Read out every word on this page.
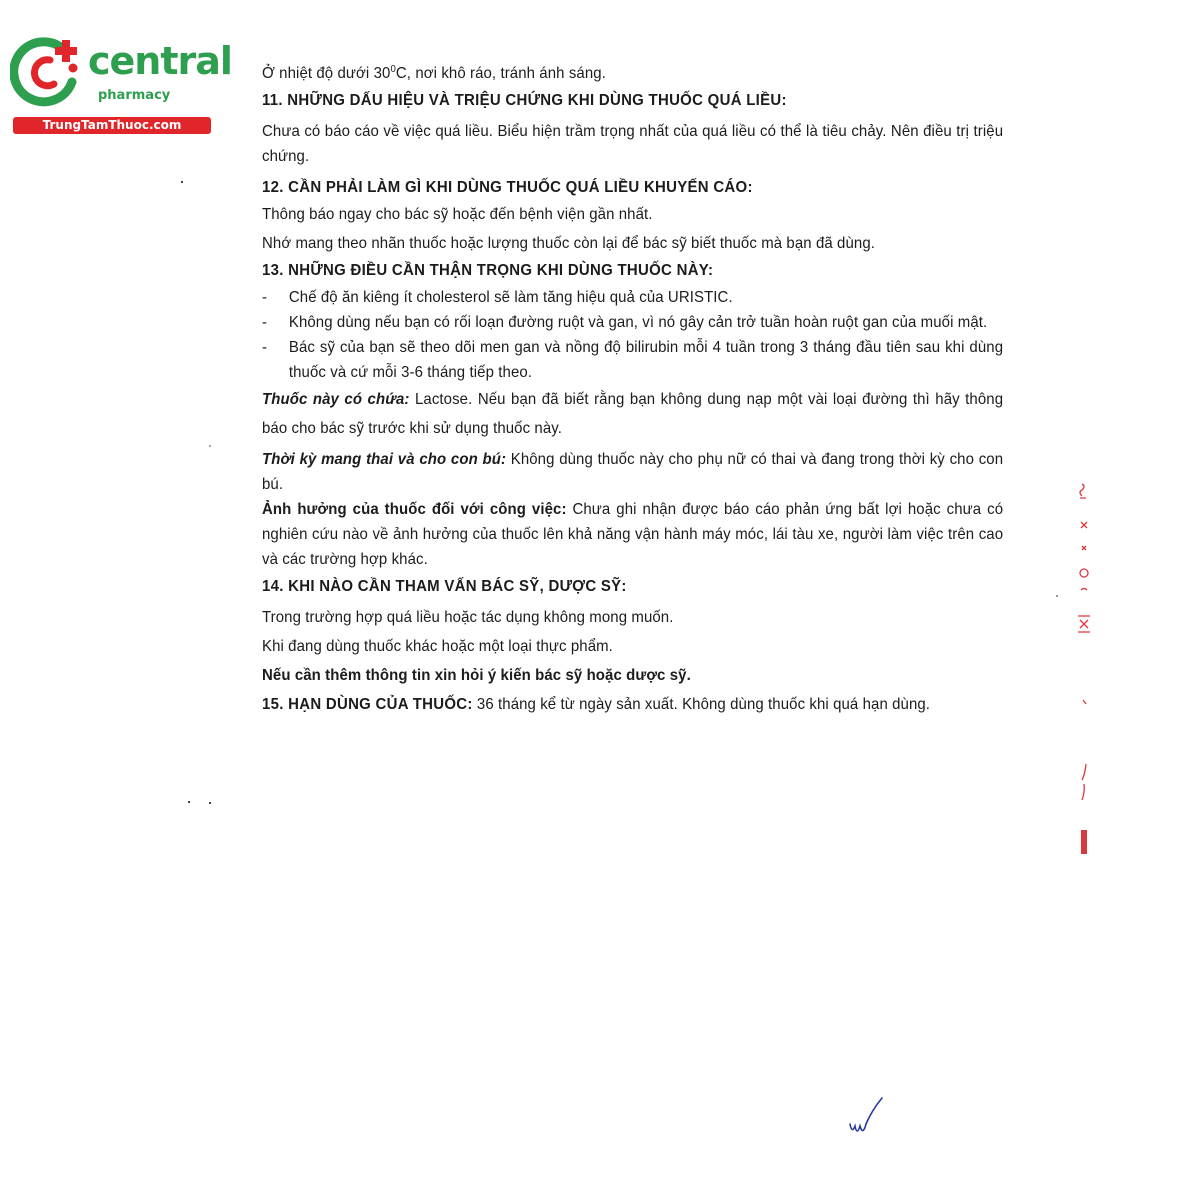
central
pharmacy
TrungTamThuoc.com

Ở nhiệt độ dưới $30^0C$, nơi khô ráo, tránh ánh sáng.

11. NHỮNG DẤU HIỆU VÀ TRIỆU CHỨNG KHI DÙNG THUỐC QUÁ LIỀU:

Chưa có báo cáo về việc quá liều. Biểu hiện trầm trọng nhất của quá liều có thể là tiêu chảy. Nên điều trị triệu chứng.

12. CẦN PHẢI LÀM GÌ KHI DÙNG THUỐC QUÁ LIỀU KHUYẾN CÁO:

Thông báo ngay cho bác sỹ hoặc đến bệnh viện gần nhất.

Nhớ mang theo nhãn thuốc hoặc lượng thuốc còn lại để bác sỹ biết thuốc mà bạn đã dùng.

13. NHỮNG ĐIỀU CẦN THẬN TRỌNG KHI DÙNG THUỐC NÀY:
- Chế độ ăn kiêng ít cholesterol sẽ làm tăng hiệu quả của URISTIC.
- Không dùng nếu bạn có rối loạn đường ruột và gan, vì nó gây cản trở tuần hoàn ruột gan của muối mật.
- Bác sỹ của bạn sẽ theo dõi men gan và nồng độ bilirubin mỗi 4 tuần trong 3 tháng đầu tiên sau khi dùng thuốc và cứ mỗi 3-6 tháng tiếp theo.

Thuốc này có chứa: Lactose. Nếu bạn đã biết rằng bạn không dung nạp một vài loại đường thì hãy thông báo cho bác sỹ trước khi sử dụng thuốc này.

Thời kỳ mang thai và cho con bú: Không dùng thuốc này cho phụ nữ có thai và đang trong thời kỳ cho con bú.

Ảnh hưởng của thuốc đối với công việc: Chưa ghi nhận được báo cáo phản ứng bất lợi hoặc chưa có nghiên cứu nào về ảnh hưởng của thuốc lên khả năng vận hành máy móc, lái tàu xe, người làm việc trên cao và các trường hợp khác.

14. KHI NÀO CẦN THAM VẤN BÁC SỸ, DƯỢC SỸ:

Trong trường hợp quá liều hoặc tác dụng không mong muốn.

Khi đang dùng thuốc khác hoặc một loại thực phẩm.

Nếu cần thêm thông tin xin hỏi ý kiến bác sỹ hoặc dược sỹ.

15. HẠN DÙNG CỦA THUỐC: 36 tháng kể từ ngày sản xuất. Không dùng thuốc khi quá hạn dùng.
